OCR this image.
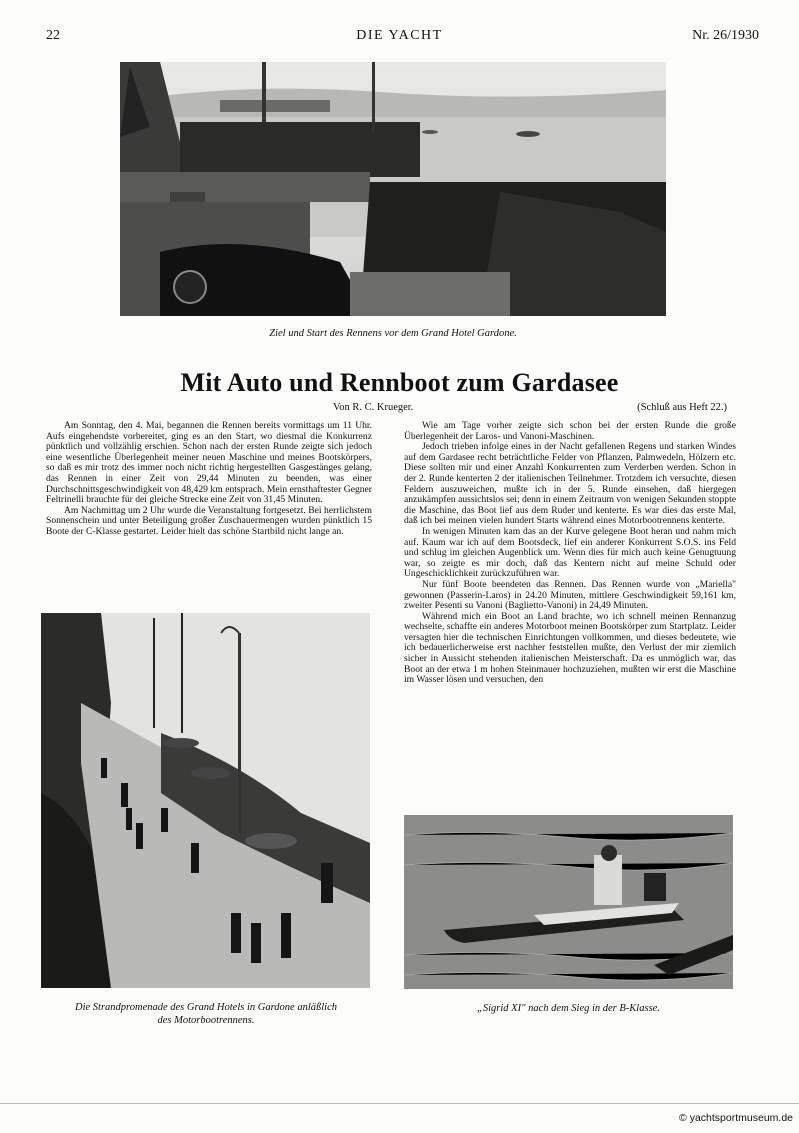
22	DIE YACHT	Nr. 26/1930
Ziel und Start des Rennens vor dem Grand Hotel Gardone.
Mit Auto und Rennboot zum Gardasee
Von R. C. Krueger.	(Schluß aus Heft 22.)

Am Sonntag, den 4. Mai, begannen die Rennen bereits vormittags um 11 Uhr. Aufs eingehendste vorbereitet, ging es an den Start, wo diesmal die Konkurrenz pünktlich und vollzählig erschien. Schon nach der ersten Runde zeigte sich jedoch eine wesentliche Überlegenheit meiner neuen Maschine und meines Bootskörpers, so daß es mir trotz des immer noch nicht richtig hergestellten Gasgestänges gelang, das Rennen in einer Zeit von 29,44 Minuten zu beenden, was einer Durchschnittsgeschwindigkeit von 48,429 km entsprach. Mein ernsthaftester Gegner Feltrinelli brauchte für dei gleiche Strecke eine Zeit von 31,45 Minuten.

Am Nachmittag um 2 Uhr wurde die Veranstaltung fortgesetzt. Bei herrlichstem Sonnenschein und unter Beteiligung großer Zuschauermengen wurden pünktlich 15 Boote der C-Klasse gestartet. Leider hielt das schöne Startbild nicht lange an.

Wie am Tage vorher zeigte sich schon bei der ersten Runde die große Überlegenheit der Laros- und Vanoni-Maschinen.

Jedoch trieben infolge eines in der Nacht gefallenen Regens und starken Windes auf dem Gardasee recht beträchtliche Felder von Pflanzen, Palmwedeln, Hölzern etc. Diese sollten mir und einer Anzahl Konkurrenten zum Verderben werden. Schon in der 2. Runde kenterten 2 der italienischen Teilnehmer. Trotzdem ich versuchte, diesen Feldern auszuweichen, mußte ich in der 5. Runde einsehen, daß hiergegen anzukämpfen aussichtslos sei; denn in einem Zeitraum von wenigen Sekunden stoppte die Maschine, das Boot lief aus dem Ruder und kenterte. Es war dies das erste Mal, daß ich bei meinen vielen hundert Starts während eines Motorbootrennens kenterte.

In wenigen Minuten kam das an der Kurve gelegene Boot heran und nahm mich auf. Kaum war ich auf dem Bootsdeck, lief ein anderer Konkurrent S.O.S. ins Feld und schlug im gleichen Augenblick um. Wenn dies für mich auch keine Genugtuung war, so zeigte es mir doch, daß das Kentern nicht auf meine Schuld oder Ungeschicklichkeit zurückzuführen war.

Nur fünf Boote beendeten das Rennen. Das Rennen wurde von „Mariella" gewonnen (Passerin-Laros) in 24.20 Minuten, mittlere Geschwindigkeit 59,161 km, zweiter Pesenti su Vanoni (Baglietto-Vanoni) in 24,49 Minuten.

Während mich ein Boot an Land brachte, wo ich schnell meinen Rennanzug wechselte, schaffte ein anderes Motorboot meinen Bootskörper zum Startplatz. Leider versagten hier die technischen Einrichtungen vollkommen, und dieses bedeutete, wie ich bedauerlicherweise erst nachher feststellen mußte, den Verlust der mir ziemlich sicher in Aussicht stehenden italienischen Meisterschaft. Da es unmöglich war, das Boot an der etwa 1 m hohen Steinmauer hochzuziehen, mußten wir erst die Maschine im Wasser lösen und versuchen, den

Die Strandpromenade des Grand Hotels in Gardone anläßlich
des Motorbootrennens.
„Sigrid XI" nach dem Sieg in der B-Klasse.
© yachtsportmuseum.de
